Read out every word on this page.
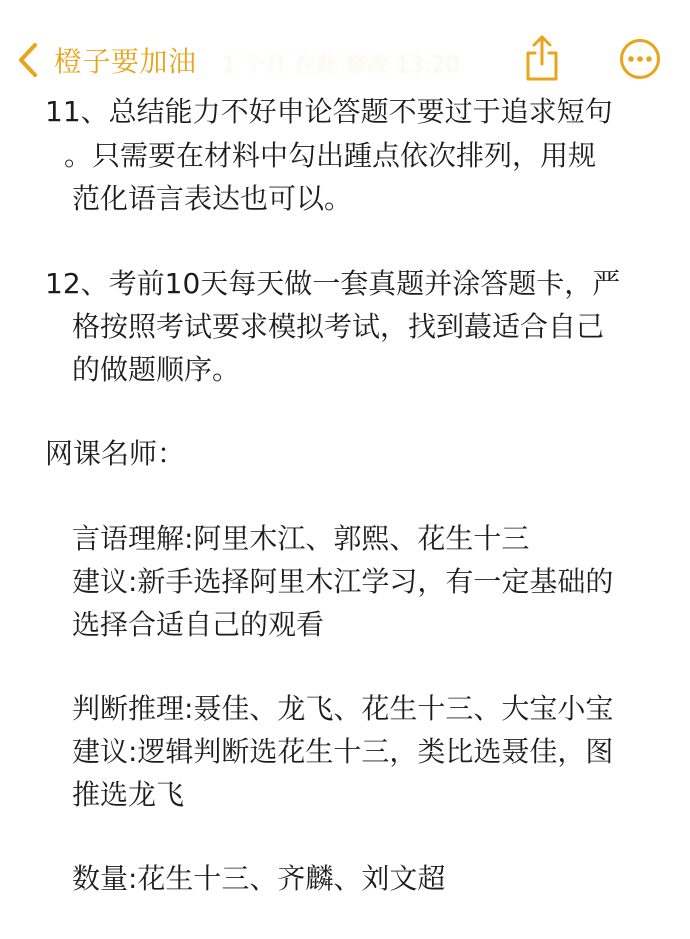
橙子要加油 1 个月 在此 修改 13:20
11、总结能力不好申论答题不要过于追求短句
。只需要在材料中勾出踵点依次排列，用规
范化语言表达也可以。
12、考前10天每天做一套真题并涂答题卡，严
格按照考试要求模拟考试，找到蕞适合自己
的做题顺序。
网课名师：
言语理解:阿里木江、郭熙、花生十三
建议:新手选择阿里木江学习，有一定基础的
选择合适自己的观看
判断推理:聂佳、龙飞、花生十三、大宝小宝
建议:逻辑判断选花生十三，类比选聂佳，图
推选龙飞
数量:花生十三、齐麟、刘文超
